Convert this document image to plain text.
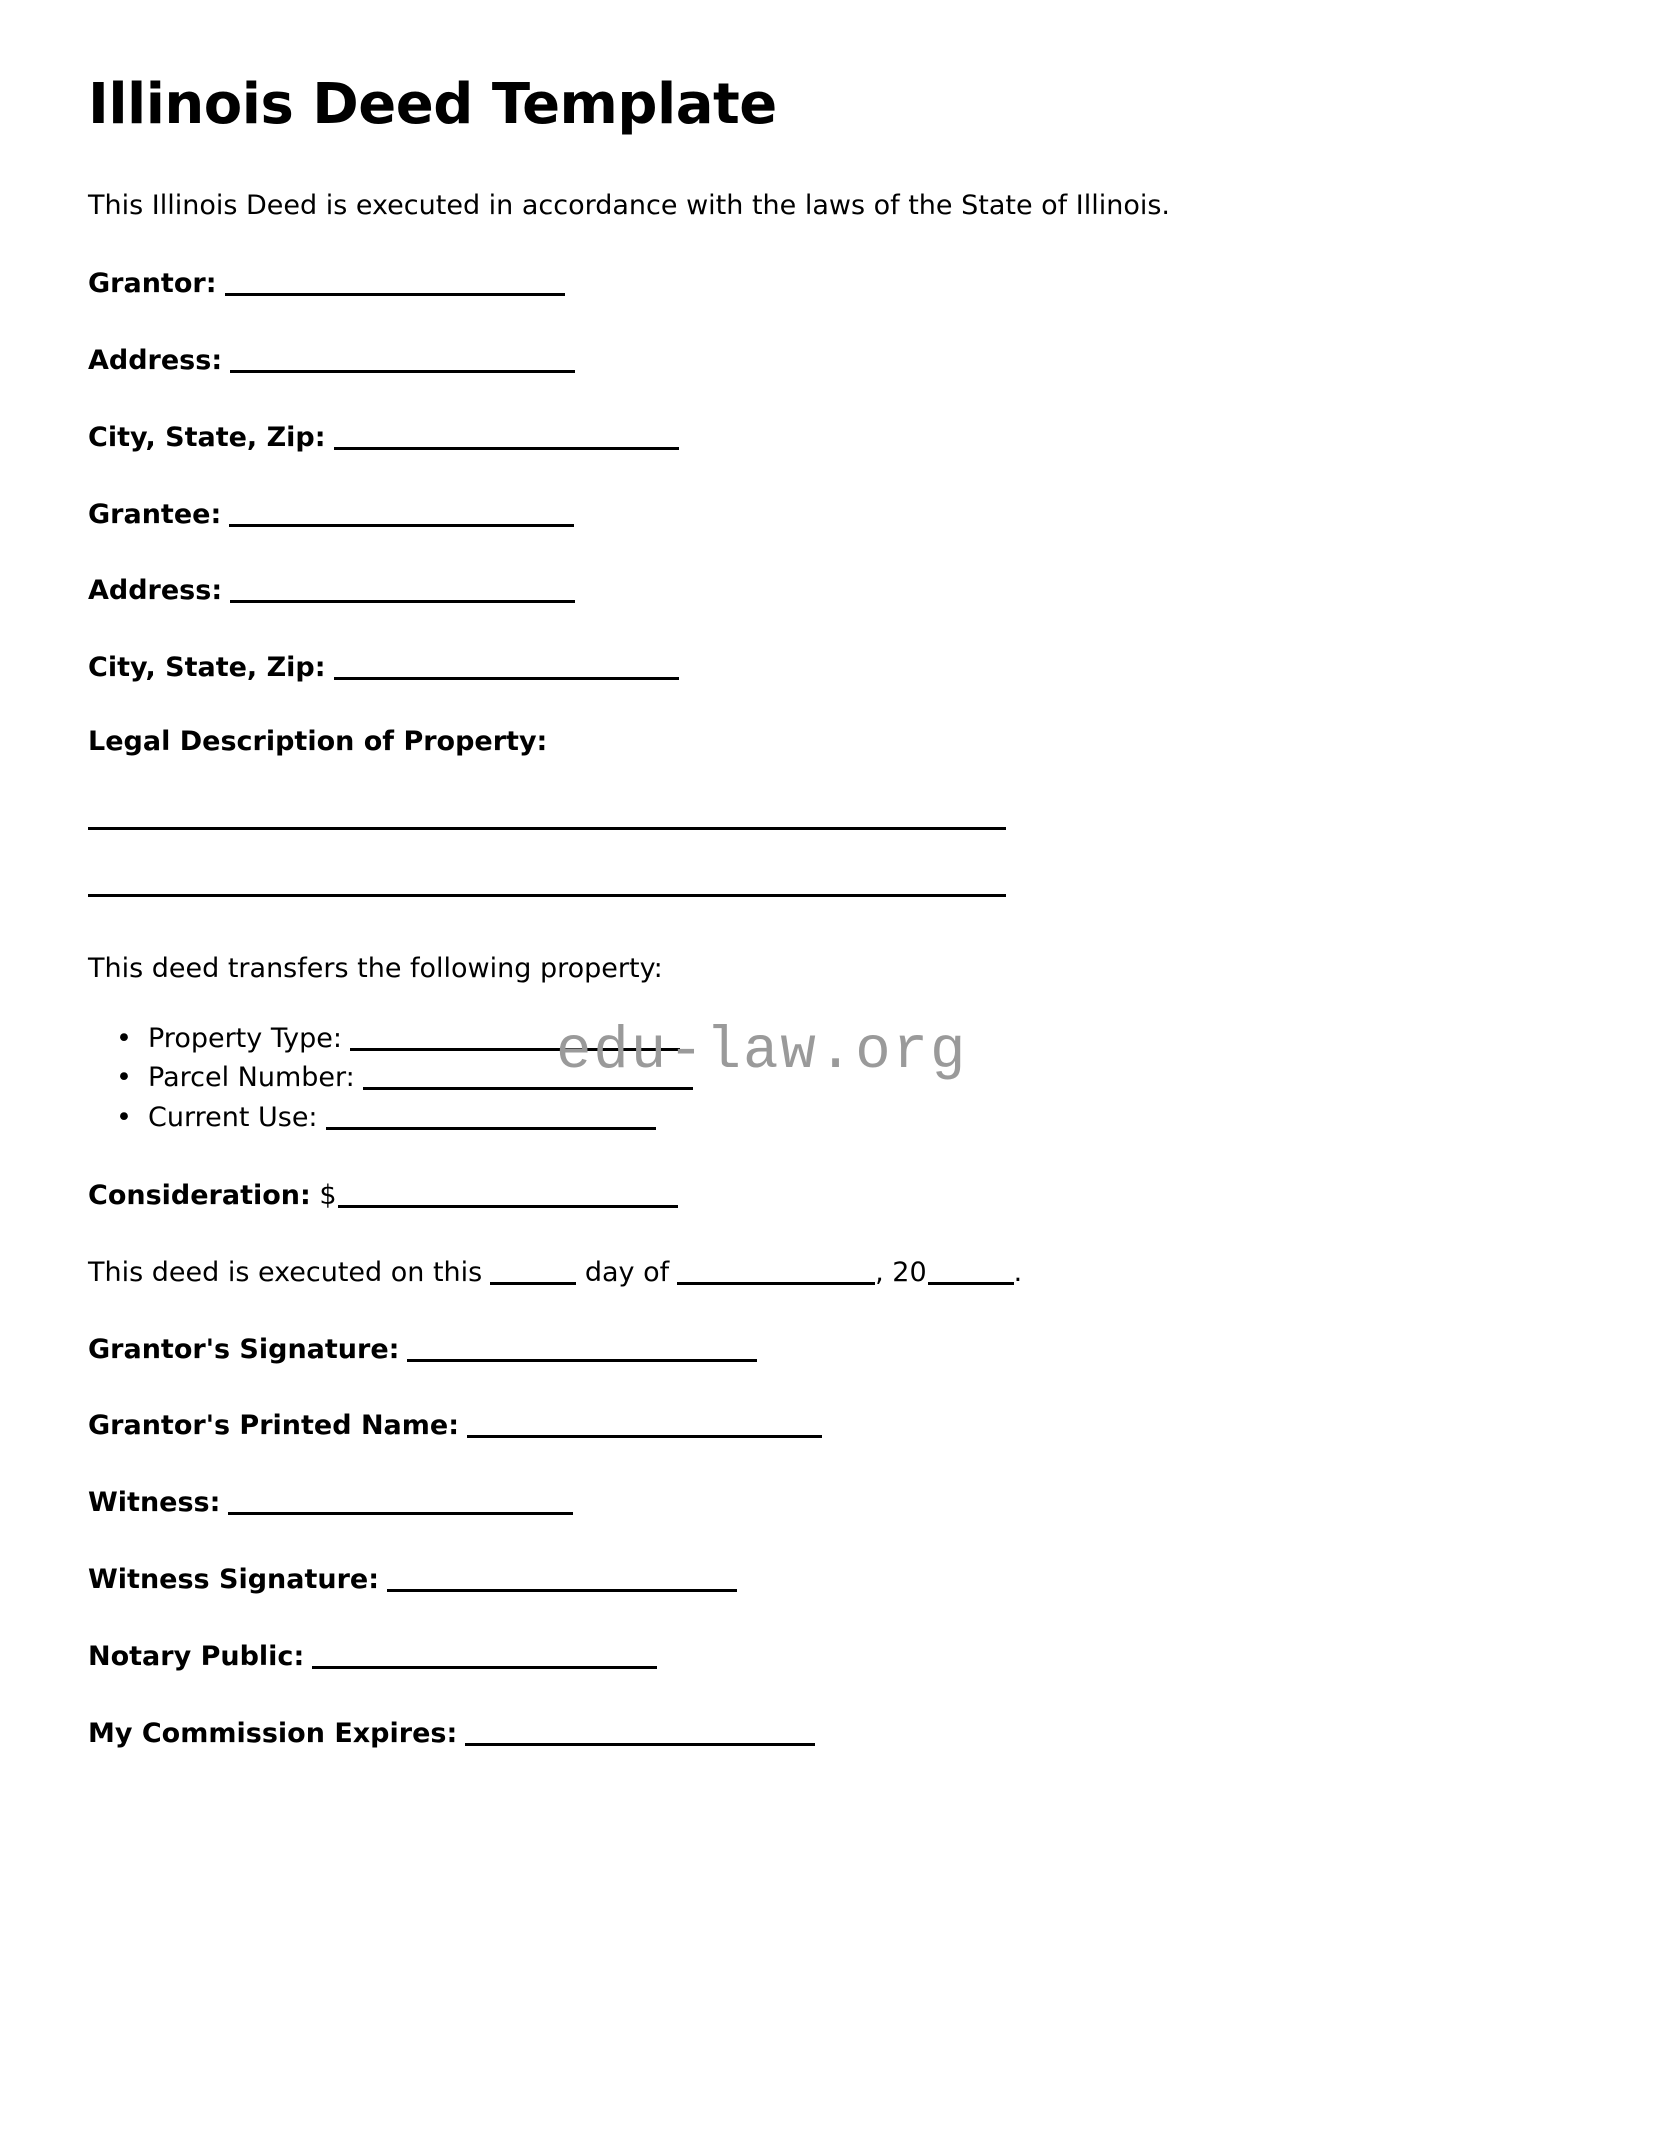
edu-law.org
Illinois Deed Template

This Illinois Deed is executed in accordance with the laws of the State of Illinois.

Grantor:
Address:
City, State, Zip:
Grantee:
Address:
City, State, Zip:
Legal Description of Property:

This deed transfers the following property:

• Property Type:
• Parcel Number:
• Current Use:
Consideration: $
This deed is executed on this	day of	, 20	.
Grantor's Signature:
Grantor's Printed Name:
Witness:
Witness Signature:
Notary Public:
My Commission Expires:
